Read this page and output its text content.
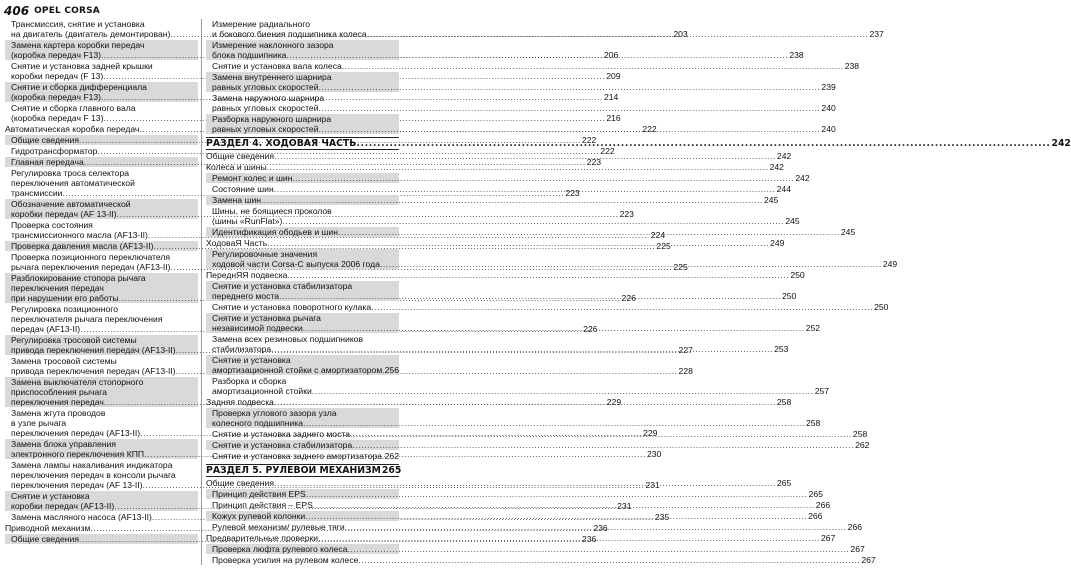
406 OPEL CORSA
Трансмиссия, снятие и установка
на двигатель (двигатель демонтирован) .....	203
Замена картера коробки передач
(коробка передач F13) .....	206
Снятие и установка задней крышки
коробки передач (F 13) .....	209
Снятие и сборка дифференциала
(коробка передач F13) .....	214
Снятие и сборка главного вала
(коробка передач F 13) .....	216
Автоматическая коробка передач .....	222
Общие сведения .....	222
Гидротрансформатор .....	222
Главная передача .....	223
Регулировка троса селектора
переключения автоматической
трансмиссии .....	223
Обозначение автоматической
коробки передач (AF 13-II) .....	223
Проверка состояния
трансмиссионного масла (AF13-II) .....	224
Проверка давления масла (AF13-II) .....	225
Проверка позиционного переключателя
рычага переключения передач (AF13-II) .....	225
Разблокирование стопора рычага
переключения передач
при нарушении его работы .....	226
Регулировка позиционного
переключателя рычага переключения
передач (AF13-II) .....	226
Регулировка тросовой системы
привода переключения передач (AF13-II) .....	227
Замена тросовой системы
привода переключения передач (AF13-II) .....	228
Замена выключателя стопорного
приспособления рычага
переключения передач .....	229
Замена жгута проводов
в узле рычага
переключения передач (AF13-II) .....	229
Замена блока управления
электронного переключения КПП .....	230
Замена лампы накаливания индикатора
переключения передач в консоли рычага
переключения передач (AF 13-II) .....	231
Снятие и установка
коробки передач (AF13-II) .....	231
Замена масляного насоса (AF13-II) .....	235
Приводной механизм .....	236
Общие сведения .....	236
Измерение радиального
и бокового биения подшипника колеса .....	237
Измерение наклонного зазора
блока подшипника .....	238
Снятие и установка вала колеса .....	238
Замена внутреннего шарнира
равных угловых скоростей .....	239
Замена наружного шарнира
равных угловых скоростей .....	240
Разборка наружного шарнира
равных угловых скоростей .....	240
РАЗДЕЛ 4. ХОДОВАЯ ЧАСТЬ .....	242
Общие сведения .....	242
Колеса и шины .....	242
Ремонт колес и шин .....	242
Состояние шин .....	244
Замена шин .....	245
Шины, не боящиеся проколов
(шины «RunFlat») .....	245
Идентификация ободьев и шин .....	245
ХодовaЯ Часть .....	249
Регулировочные значения
ходовой части Corsa-C выпуска 2006 года .....	249
ПереднЯЯ подвеска .....	250
Снятие и установка стабилизатора
переднего моста .....	250
Снятие и установка поворотного кулака .....	250
Снятие и установка рычага
независимой подвески .....	252
Замена всех резиновых подшипников
стабилизатора .....	253
Снятие и установка
амортизационной стойки с амортизатором ..... 256
Разборка и сборка
амортизационной стойки .....	257
Задняя подвеска .....	258
Проверка углового зазора узла
колесного подшипника .....	258
Снятие и установка заднего моста .....	258
Снятие и установка стабилизатора .....	262
Снятие и установка заднего амортизатора ..... 262
РАЗДЕЛ 5. РУЛЕВОЙ МЕХАНИЗМ 265
Общие сведения .....	265
Принцип действия EPS .....	265
Принцип действия – EPS .....	266
Кожух рулевой колонки .....	266
Рулевой механизм/ рулевые тяги .....	266
Предварительные проверки .....	267
Проверка люфта рулевого колеса .....	267
Проверка усилия на рулевом колесе .....	267
